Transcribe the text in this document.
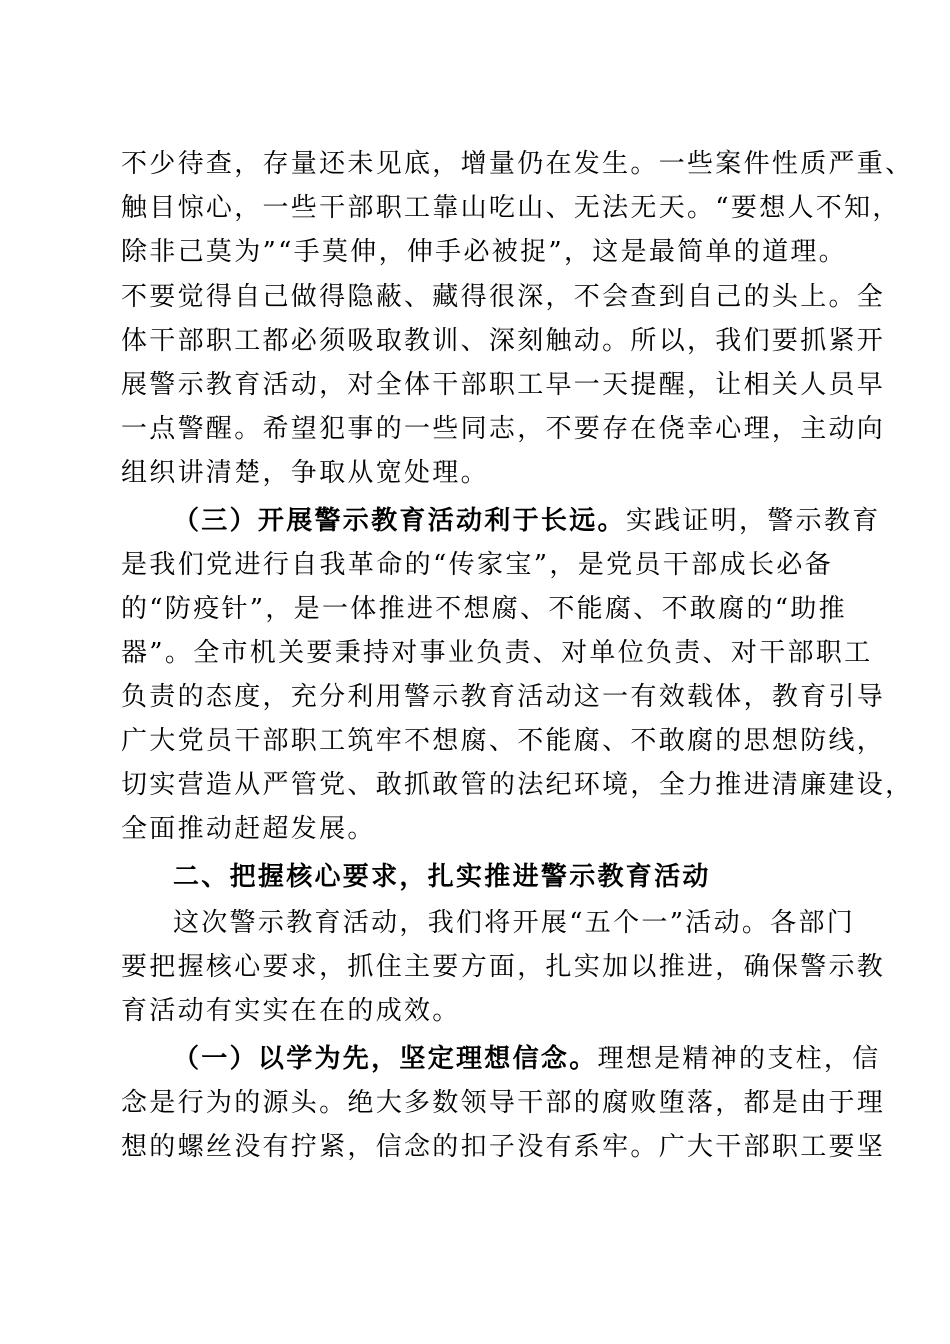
不少待查，存量还未见底，增量仍在发生。一些案件性质严重、
触目惊心，一些干部职工靠山吃山、无法无天。“要想人不知，
除非己莫为”“手莫伸，伸手必被捉”，这是最简单的道理。
不要觉得自己做得隐蔽、藏得很深，不会查到自己的头上。全
体干部职工都必须吸取教训、深刻触动。所以，我们要抓紧开
展警示教育活动，对全体干部职工早一天提醒，让相关人员早
一点警醒。希望犯事的一些同志，不要存在侥幸心理，主动向
组织讲清楚，争取从宽处理。
（三）开展警示教育活动利于长远。实践证明，警示教育
是我们党进行自我革命的“传家宝”，是党员干部成长必备
的“防疫针”，是一体推进不想腐、不能腐、不敢腐的“助推
器”。全市机关要秉持对事业负责、对单位负责、对干部职工
负责的态度，充分利用警示教育活动这一有效载体，教育引导
广大党员干部职工筑牢不想腐、不能腐、不敢腐的思想防线，
切实营造从严管党、敢抓敢管的法纪环境，全力推进清廉建设，
全面推动赶超发展。
二、把握核心要求，扎实推进警示教育活动
这次警示教育活动，我们将开展“五个一”活动。各部门
要把握核心要求，抓住主要方面，扎实加以推进，确保警示教
育活动有实实在在的成效。
（一）以学为先，坚定理想信念。理想是精神的支柱，信
念是行为的源头。绝大多数领导干部的腐败堕落，都是由于理
想的螺丝没有拧紧，信念的扣子没有系牢。广大干部职工要坚
